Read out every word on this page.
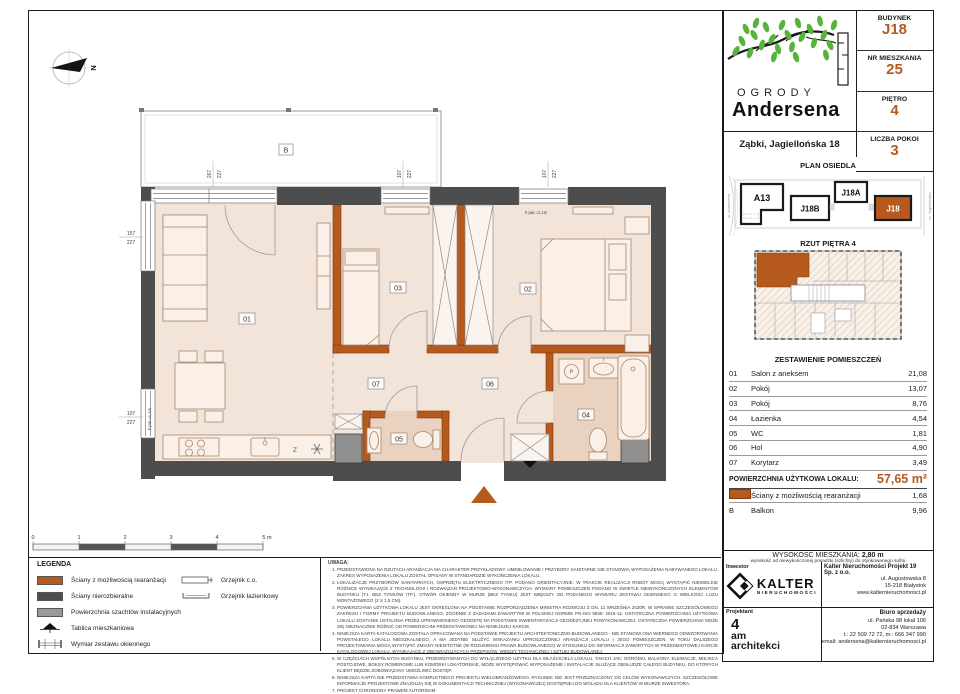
N
P
Z
01
02
03
04
05
06
07
B
267 227	107 227	107 227
157
227
107
227	h par.=1,1m
h par.=1,1m
0	1	2	3	4	5 m
OGRODY
Andersena
Ząbki, Jagiellońska 18
BUDYNEK
J18
NR MIESZKANIA
25
PIĘTRO
4
LICZBA POKOI
3
PLAN OSIEDLA
A13
J18B
J18A
J18
ul. Andersena	ul. Jagiellońska
RZUT PIĘTRA 4
ZESTAWIENIE POMIESZCZEŃ
01	Salon z aneksem	21,08
02	Pokój	13,07
03	Pokój	8,76
04	Łazienka	4,54
05	WC	1,81
06	Hol	4,90
07	Korytarz	3,49
POWIERZCHNIA UŻYTKOWA LOKALU:	57,65 m²
Ściany z możliwością rearanżacji	1,68
B	Balkon	9,96
WYSOKOŚĆ MIESZKANIA: 2,80 m
wysokość od niewykończonej posadzki (szlichty) do otynkowanego sufitu
Inwestor
KALTER
NIERUCHOMOŚCI
Projektant
4
am
architekci
Kalter Nieruchomości Projekt 19 Sp. z o.o.
ul. Augustowska 8
15-218 Białystok
www.kalternieruchomosci.pl
Biuro sprzedaży
ul. Pańska 98 lokal 106
02-834 Warszawa
t.: 22 509 72 72, m.: 666 347 990
email: andersena@kalternieruchomosci.pl
LEGENDA
Ściany z możliwością rearanżacji
Ściany nierozbieralne
Powierzchnia szachtów instalacyjnych
Tablica mieszkaniowa
Wymiar zestawu okiennego
Grzejnik c.o.
Grzejnik łazienkowy

UWAGA:

1. PRZEDSTAWIONA NA RZUTACH ARANŻACJA MA CHARAKTER PRZYKŁADOWY. UMEBLOWANIE I PRZYBORY SANITARNE NIE STANOWIĄ WYPOSAŻENIA NABYWANEGO LOKALU. ZAKRES WYPOSAŻENIA LOKALU ZOSTAŁ OPISANY W STANDARDZIE WYKOŃCZENIA LOKALU.
2. LOKALIZACJE PRZYBORÓW SANITARNYCH, OSPRZĘTU ELEKTRYCZNEGO ITP. PODANO ORIENTACYJNIE. W TRAKCIE REALIZACJI ROBÓT MOGĄ WYSTĄPIĆ NIEWIELKIE RÓŻNICE WYNIKAJĄCE Z TECHNOLOGII I ROZWIĄZAŃ PROJEKTOWO-WYKONAWCZYCH. WYMIARY POMIESZCZEŃ PODANO W ŚWIETLE NIEWYKOŃCZONYCH ELEMENTÓW BUDYNKU (TJ. BEZ TYNKÓW ITP.). OTWÓR OKIENNY W MURZE (BEZ TYNKU) JEST WIĘKSZY OD PODANEGO WYMIARU ZESTAWU OKIENNEGO O WIELKOŚĆ LUZU MONTAŻOWEGO (2 X 1,5 CM).
3. POWIERZCHNIA UŻYTKOWA LOKALU JEST OKREŚLONA NA PODSTAWIE ROZPORZĄDZENIA MINISTRA ROZWOJU Z DN. 11 WRZEŚNIA 2020R. W SPRAWIE SZCZEGÓŁOWEGO ZAKRESU I FORMY PROJEKTU BUDOWLANEGO, ZGODNIE Z ZASADAMI ZAWARTYMI W POLSKIEJ NORMIE PN-ISO 9836: 2015-12. OSTATECZNA POWIERZCHNIA UŻYTKOWA LOKALU ZOSTANIE USTALONA PRZEZ UPRAWNIONEGO GEODETĘ NA PODSTAWIE INWENTARYZACJI GEODEZYJNEJ POWYKONAWCZEJ. OSTATECZNA POWIERZCHNIA MOŻE SIĘ NIEZNACZNIE RÓŻNIĆ OD POWIERZCHNI PRZEDSTAWIONEJ NA NINIEJSZEJ KARCIE.
4. NINIEJSZA KARTA KATALOGOWA ZOSTAŁA OPRACOWANA NA PODSTAWIE PROJEKTU ARCHITEKTONICZNO-BUDOWLANEGO - NIE STANOWI ONA WIERNEGO ODWZOROWANIA POWSTAŁEGO LOKALU MIESZKALNEGO, A MA JEDYNIE SŁUŻYĆ WSKAZANIU UPROSZCZONEJ ARANŻACJI LOKALU I JEGO POMIESZCZEŃ. W TOKU DALSZEGO PROJEKTOWANIA MOGĄ WYSTĄPIĆ ZMIANY NIEISTOTNE (W ROZUMIENIU PRAWA BUDOWLANEGO) W STOSUNKU DO INFORMACJI ZAWARTYCH W PRZEDMIOTOWEJ KARCIE KATALOGOWEJ LOKALU, WYNIKAJĄCE Z OBOWIĄZUJĄCYCH PRZEPISÓW, WIEDZY TECHNICZNEJ I SZTUKI BUDOWLANEJ.
5. W CZĘŚCIACH WSPÓLNYCH BUDYNKU, PRZEWIDYWANYCH DO WYŁĄCZNEGO UŻYTKU DLA WŁAŚCICIELA LOKALU, TAKICH JAK: OGRÓDKI, BALKONY, ELEWACJE, MIEJSCA POSTOJOWE, BOKSY ROWEROWE LUB KOMÓRKI LOKATORSKIE, MOŻE WYSTĘPOWAĆ WYPOSAŻENIE I INSTALACJE SŁUŻĄCE OBSŁUDZE CAŁEGO BUDYNKU, DO KTÓRYCH KLIENT BĘDZIE ZOBOWIĄZANY UMOŻLIWIĆ DOSTĘP.
6. NINIEJSZA KARTA NIE PRZEDSTAWIA KOMPLETNEGO PROJEKTU WIELOBRANŻOWEGO. RYSUNEK NIE JEST PRZEZNACZONY DO CELÓW WYKONAWCZYCH. SZCZEGÓŁOWE INFORMACJE PROJEKTOWE ZNAJDUJĄ SIĘ W DOKUMENTACJI TECHNICZNEJ (WYKONAWCZEJ) DOSTĘPNEJ DO WGLĄDU DLA KLIENTÓW W BIURZE INWESTORA.
7. PROJEKT CHRONIONY PRAWEM AUTORSKIM.
